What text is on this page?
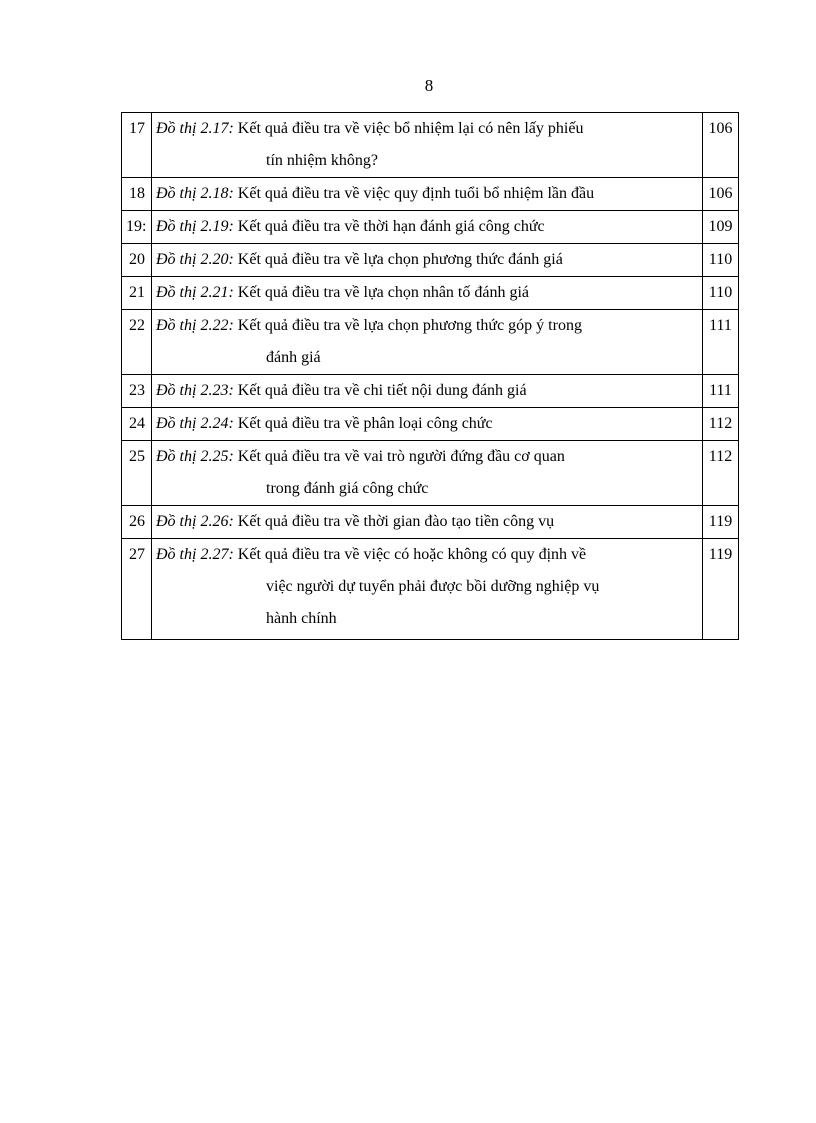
8
17	Đồ thị 2.17: Kết quả điều tra về việc bổ nhiệm lại có nên lấy phiếu
tín nhiệm không?	106
18	Đồ thị 2.18: Kết quả điều tra về việc quy định tuổi bổ nhiệm lần đầu	106
19:	Đồ thị 2.19: Kết quả điều tra về thời hạn đánh giá công chức	109
20	Đồ thị 2.20: Kết quả điều tra về lựa chọn phương thức đánh giá	110
21	Đồ thị 2.21: Kết quả điều tra về lựa chọn nhân tố đánh giá	110
22	Đồ thị 2.22: Kết quả điều tra về lựa chọn phương thức góp ý trong
đánh giá	111
23	Đồ thị 2.23: Kết quả điều tra về chi tiết nội dung đánh giá	111
24	Đồ thị 2.24: Kết quả điều tra về phân loại công chức	112
25	Đồ thị 2.25: Kết quả điều tra về vai trò người đứng đầu cơ quan
trong đánh giá công chức	112
26	Đồ thị 2.26: Kết quả điều tra về thời gian đào tạo tiền công vụ	119
27	Đồ thị 2.27: Kết quả điều tra về việc có hoặc không có quy định về
việc người dự tuyển phải được bồi dưỡng nghiệp vụ
hành chính	119
